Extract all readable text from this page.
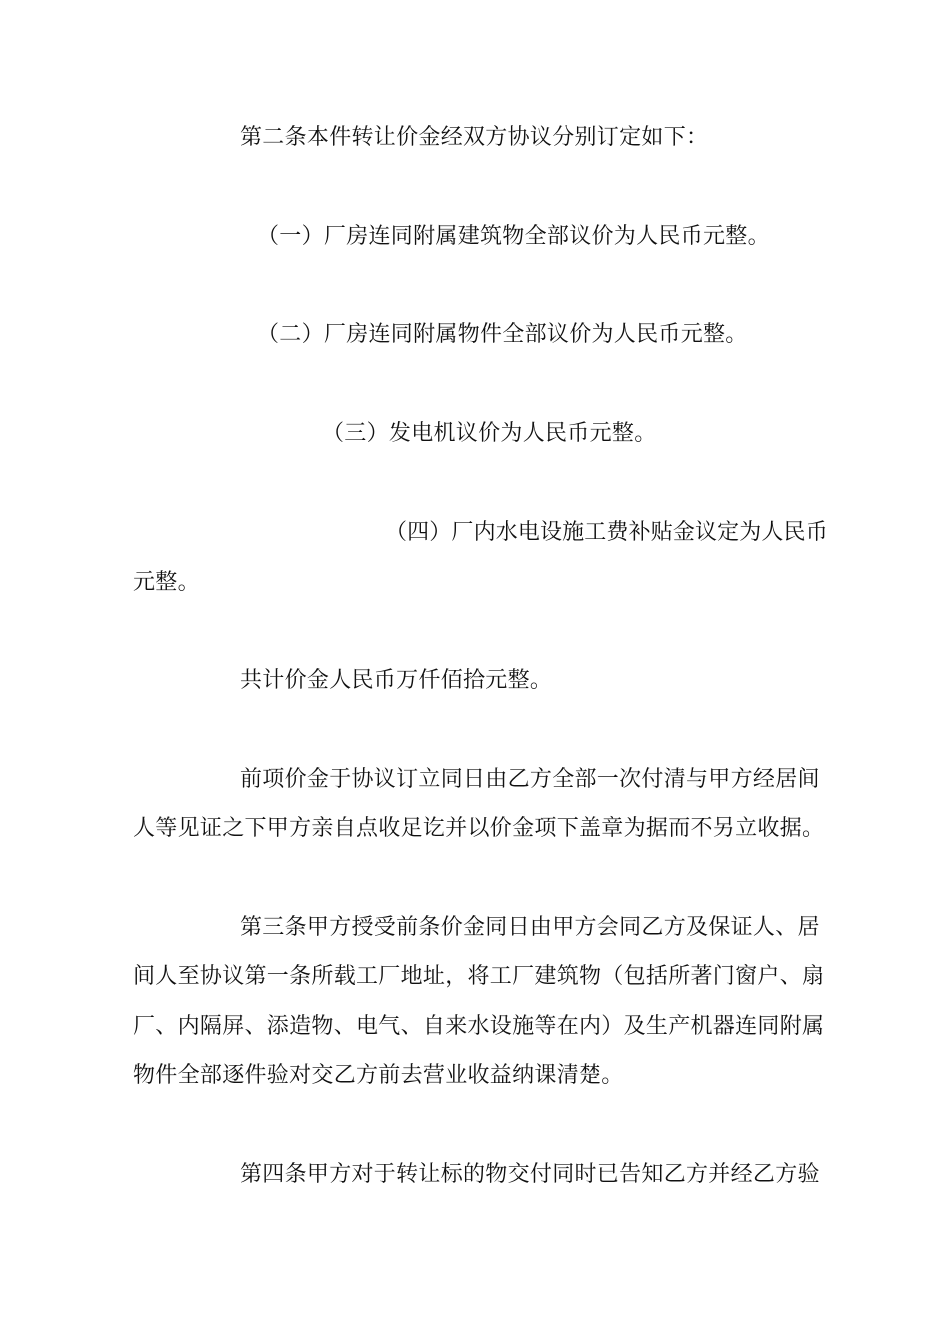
第二条本件转让价金经双方协议分别订定如下：
（一）厂房连同附属建筑物全部议价为人民币元整。
（二）厂房连同附属物件全部议价为人民币元整。
（三）发电机议价为人民币元整。
（四）厂内水电设施工费补贴金议定为人民币
元整。
共计价金人民币万仟佰拾元整。
前项价金于协议订立同日由乙方全部一次付清与甲方经居间
人等见证之下甲方亲自点收足讫并以价金项下盖章为据而不另立收据。
第三条甲方授受前条价金同日由甲方会同乙方及保证人、居
间人至协议第一条所载工厂地址，将工厂建筑物（包括所著门窗户、扇
厂、内隔屏、添造物、电气、自来水设施等在内）及生产机器连同附属
物件全部逐件验对交乙方前去营业收益纳课清楚。
第四条甲方对于转让标的物交付同时已告知乙方并经乙方验
